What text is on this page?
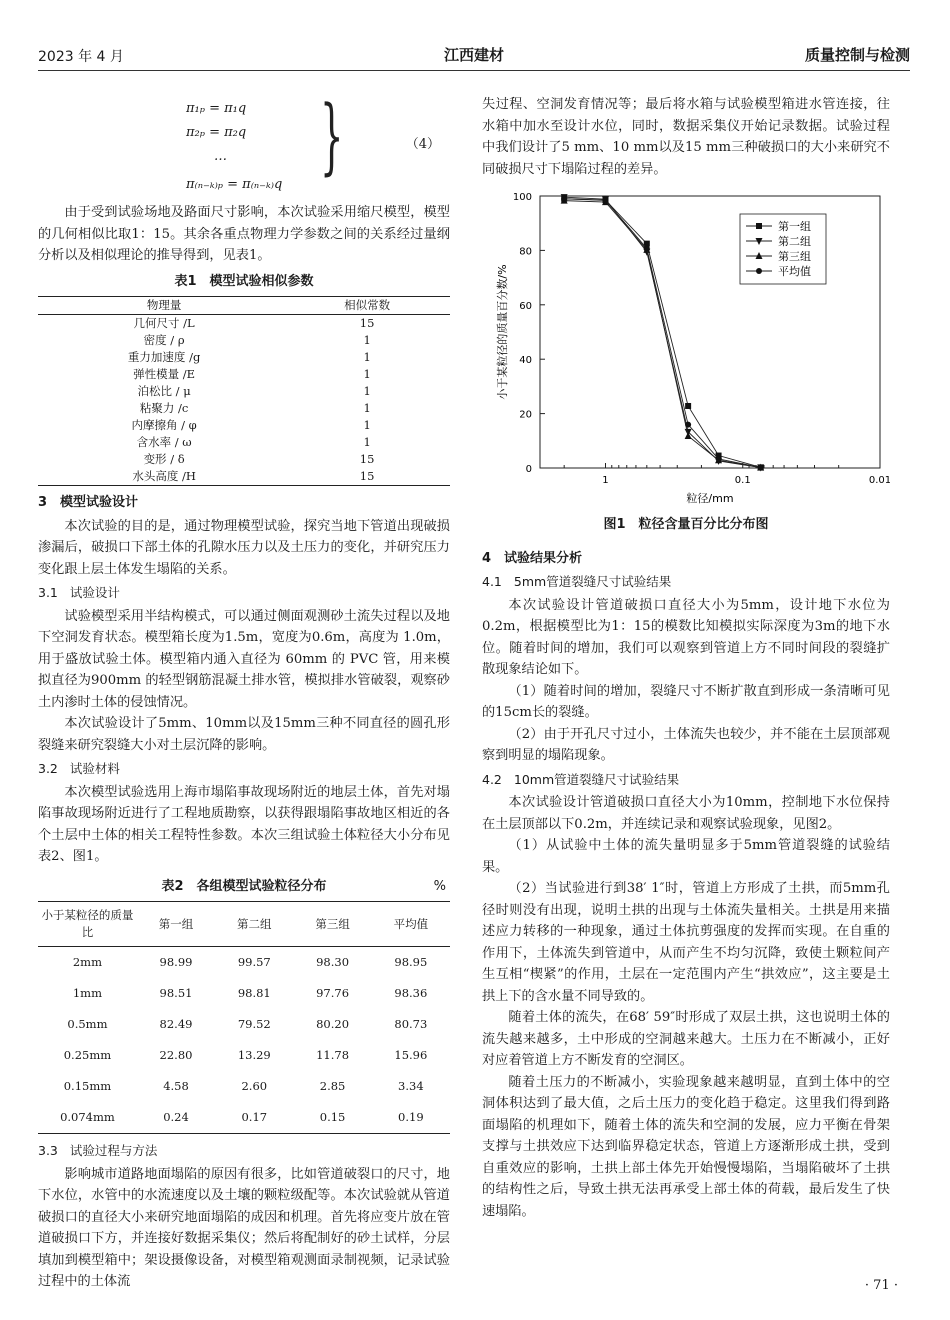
2023 年 4 月	江西建材	质量控制与检测
π₁ₚ = π₁q
π₂ₚ = π₂q
…
π₍ₙ₋ₖ₎ₚ = π₍ₙ₋ₖ₎q
}	（4）

由于受到试验场地及路面尺寸影响，本次试验采用缩尺模型，模型的几何相似比取1：15。其余各重点物理力学参数之间的关系经过量纲分析以及相似理论的推导得到，见表1。

表1　模型试验相似参数
物理量	相似常数
几何尺寸 /L	15
密度 / ρ	1
重力加速度 /g	1
弹性模量 /E	1
泊松比 / μ	1
粘聚力 /c	1
内摩擦角 / φ	1
含水率 / ω	1
变形 / δ	15
水头高度 /H	15
3　模型试验设计

本次试验的目的是，通过物理模型试验，探究当地下管道出现破损渗漏后，破损口下部土体的孔隙水压力以及土压力的变化，并研究压力变化跟上层土体发生塌陷的关系。

3.1 试验设计

试验模型采用半结构模式，可以通过侧面观测砂土流失过程以及地下空洞发育状态。模型箱长度为1.5m，宽度为0.6m，高度为 1.0m，用于盛放试验土体。模型箱内通入直径为 60mm 的 PVC 管，用来模拟直径为900mm 的轻型钢筋混凝土排水管，模拟排水管破裂，观察砂土内渗时土体的侵蚀情况。

本次试验设计了5mm、10mm以及15mm三种不同直径的圆孔形裂缝来研究裂缝大小对土层沉降的影响。

3.2 试验材料

本次模型试验选用上海市塌陷事故现场附近的地层土体，首先对塌陷事故现场附近进行了工程地质勘察，以获得跟塌陷事故地区相近的各个土层中土体的相关工程特性参数。本次三组试验土体粒径大小分布见表2、图1。

表2　各组模型试验粒径分布	%
小于某粒径的质量比	第一组	第二组	第三组	平均值
2mm	98.99	99.57	98.30	98.95
1mm	98.51	98.81	97.76	98.36
0.5mm	82.49	79.52	80.20	80.73
0.25mm	22.80	13.29	11.78	15.96
0.15mm	4.58	2.60	2.85	3.34
0.074mm	0.24	0.17	0.15	0.19
3.3 试验过程与方法

影响城市道路地面塌陷的原因有很多，比如管道破裂口的尺寸，地下水位，水管中的水流速度以及土壤的颗粒级配等。本次试验就从管道破损口的直径大小来研究地面塌陷的成因和机理。首先将应变片放在管道破损口下方，并连接好数据采集仪；然后将配制好的砂土试样，分层填加到模型箱中；架设摄像设备，对模型箱观测面录制视频，记录试验过程中的土体流

失过程、空洞发育情况等；最后将水箱与试验模型箱进水管连接，往水箱中加水至设计水位，同时，数据采集仪开始记录数据。试验过程中我们设计了5 mm、10 mm以及15 mm三种破损口的大小来研究不同破损尺寸下塌陷过程的差异。

0
20
40
60
80
100
1	0.1	0.01
粒径/mm
小于某粒径的质量百分数/%
第一组
第二组
第三组
平均值
图1　粒径含量百分比分布图
4　试验结果分析
4.1 5mm管道裂缝尺寸试验结果

本次试验设计管道破损口直径大小为5mm，设计地下水位为0.2m，根据模型比为1：15的模数比知模拟实际深度为3m的地下水位。随着时间的增加，我们可以观察到管道上方不同时间段的裂缝扩散现象结论如下。

（1）随着时间的增加，裂缝尺寸不断扩散直到形成一条清晰可见的15cm长的裂缝。

（2）由于开孔尺寸过小，土体流失也较少，并不能在土层顶部观察到明显的塌陷现象。

4.2 10mm管道裂缝尺寸试验结果

本次试验设计管道破损口直径大小为10mm，控制地下水位保持在土层顶部以下0.2m，并连续记录和观察试验现象，见图2。

（1）从试验中土体的流失量明显多于5mm管道裂缝的试验结果。

（2）当试验进行到38′ 1″时，管道上方形成了土拱，而5mm孔径时则没有出现，说明土拱的出现与土体流失量相关。土拱是用来描述应力转移的一种现象，通过土体抗剪强度的发挥而实现。在自重的作用下，土体流失到管道中，从而产生不均匀沉降，致使土颗粒间产生互相“楔紧”的作用，土层在一定范围内产生“拱效应”，这主要是土拱上下的含水量不同导致的。

随着土体的流失，在68′ 59″时形成了双层土拱，这也说明土体的流失越来越多，土中形成的空洞越来越大。土压力在不断减小，正好对应着管道上方不断发育的空洞区。

随着土压力的不断减小，实验现象越来越明显，直到土体中的空洞体积达到了最大值，之后土压力的变化趋于稳定。这里我们得到路面塌陷的机理如下，随着土体的流失和空洞的发展，应力平衡在骨架支撑与土拱效应下达到临界稳定状态，管道上方逐渐形成土拱，受到自重效应的影响，土拱上部土体先开始慢慢塌陷，当塌陷破坏了土拱的结构性之后，导致土拱无法再承受上部土体的荷载，最后发生了快速塌陷。

· 71 ·
